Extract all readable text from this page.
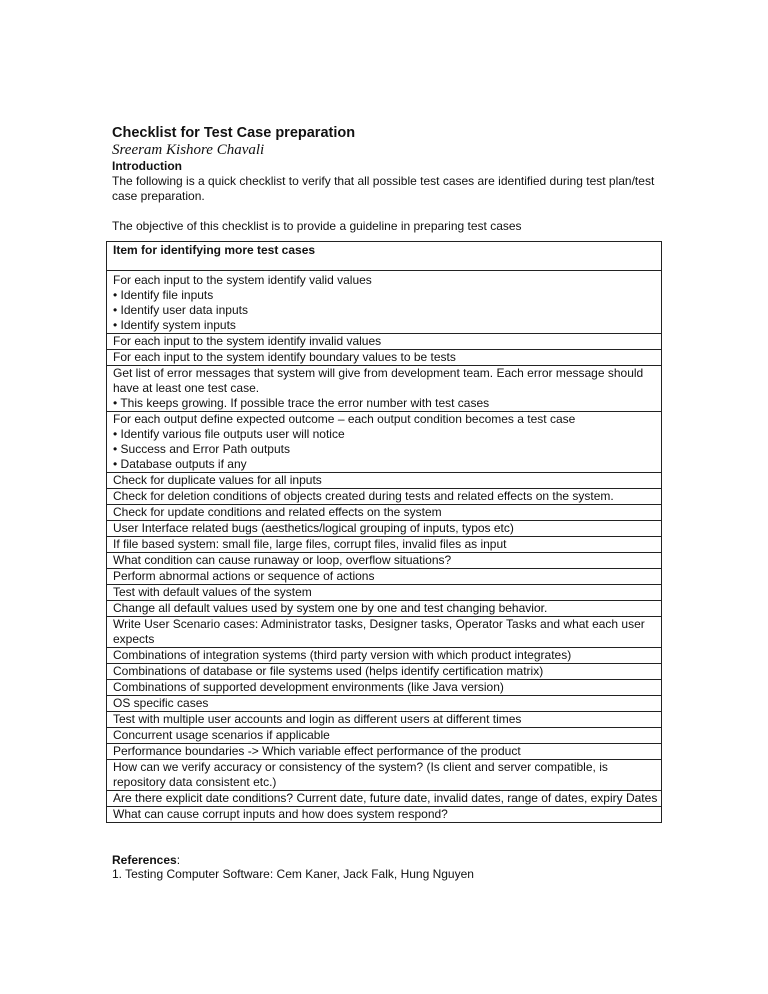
Checklist for Test Case preparation

Sreeram Kishore Chavali

Introduction

The following is a quick checklist to verify that all possible test cases are identified during test plan/test case preparation.

The objective of this checklist is to provide a guideline in preparing test cases

Item for identifying more test cases

For each input to the system identify valid values
• Identify file inputs
• Identify user data inputs
• Identify system inputs

For each input to the system identify invalid values

For each input to the system identify boundary values to be tests

Get list of error messages that system will give from development team. Each error message should have at least one test case.
• This keeps growing. If possible trace the error number with test cases

For each output define expected outcome – each output condition becomes a test case
• Identify various file outputs user will notice
• Success and Error Path outputs
• Database outputs if any

Check for duplicate values for all inputs

Check for deletion conditions of objects created during tests and related effects on the system.

Check for update conditions and related effects on the system

User Interface related bugs (aesthetics/logical grouping of inputs, typos etc)

If file based system: small file, large files, corrupt files, invalid files as input

What condition can cause runaway or loop, overflow situations?

Perform abnormal actions or sequence of actions

Test with default values of the system

Change all default values used by system one by one and test changing behavior.

Write User Scenario cases: Administrator tasks, Designer tasks, Operator Tasks and what each user expects

Combinations of integration systems (third party version with which product integrates)

Combinations of database or file systems used (helps identify certification matrix)

Combinations of supported development environments (like Java version)

OS specific cases

Test with multiple user accounts and login as different users at different times

Concurrent usage scenarios if applicable

Performance boundaries -> Which variable effect performance of the product

How can we verify accuracy or consistency of the system? (Is client and server compatible, is repository data consistent etc.)

Are there explicit date conditions? Current date, future date, invalid dates, range of dates, expiry Dates

What can cause corrupt inputs and how does system respond?
References:
1. Testing Computer Software: Cem Kaner, Jack Falk, Hung Nguyen
